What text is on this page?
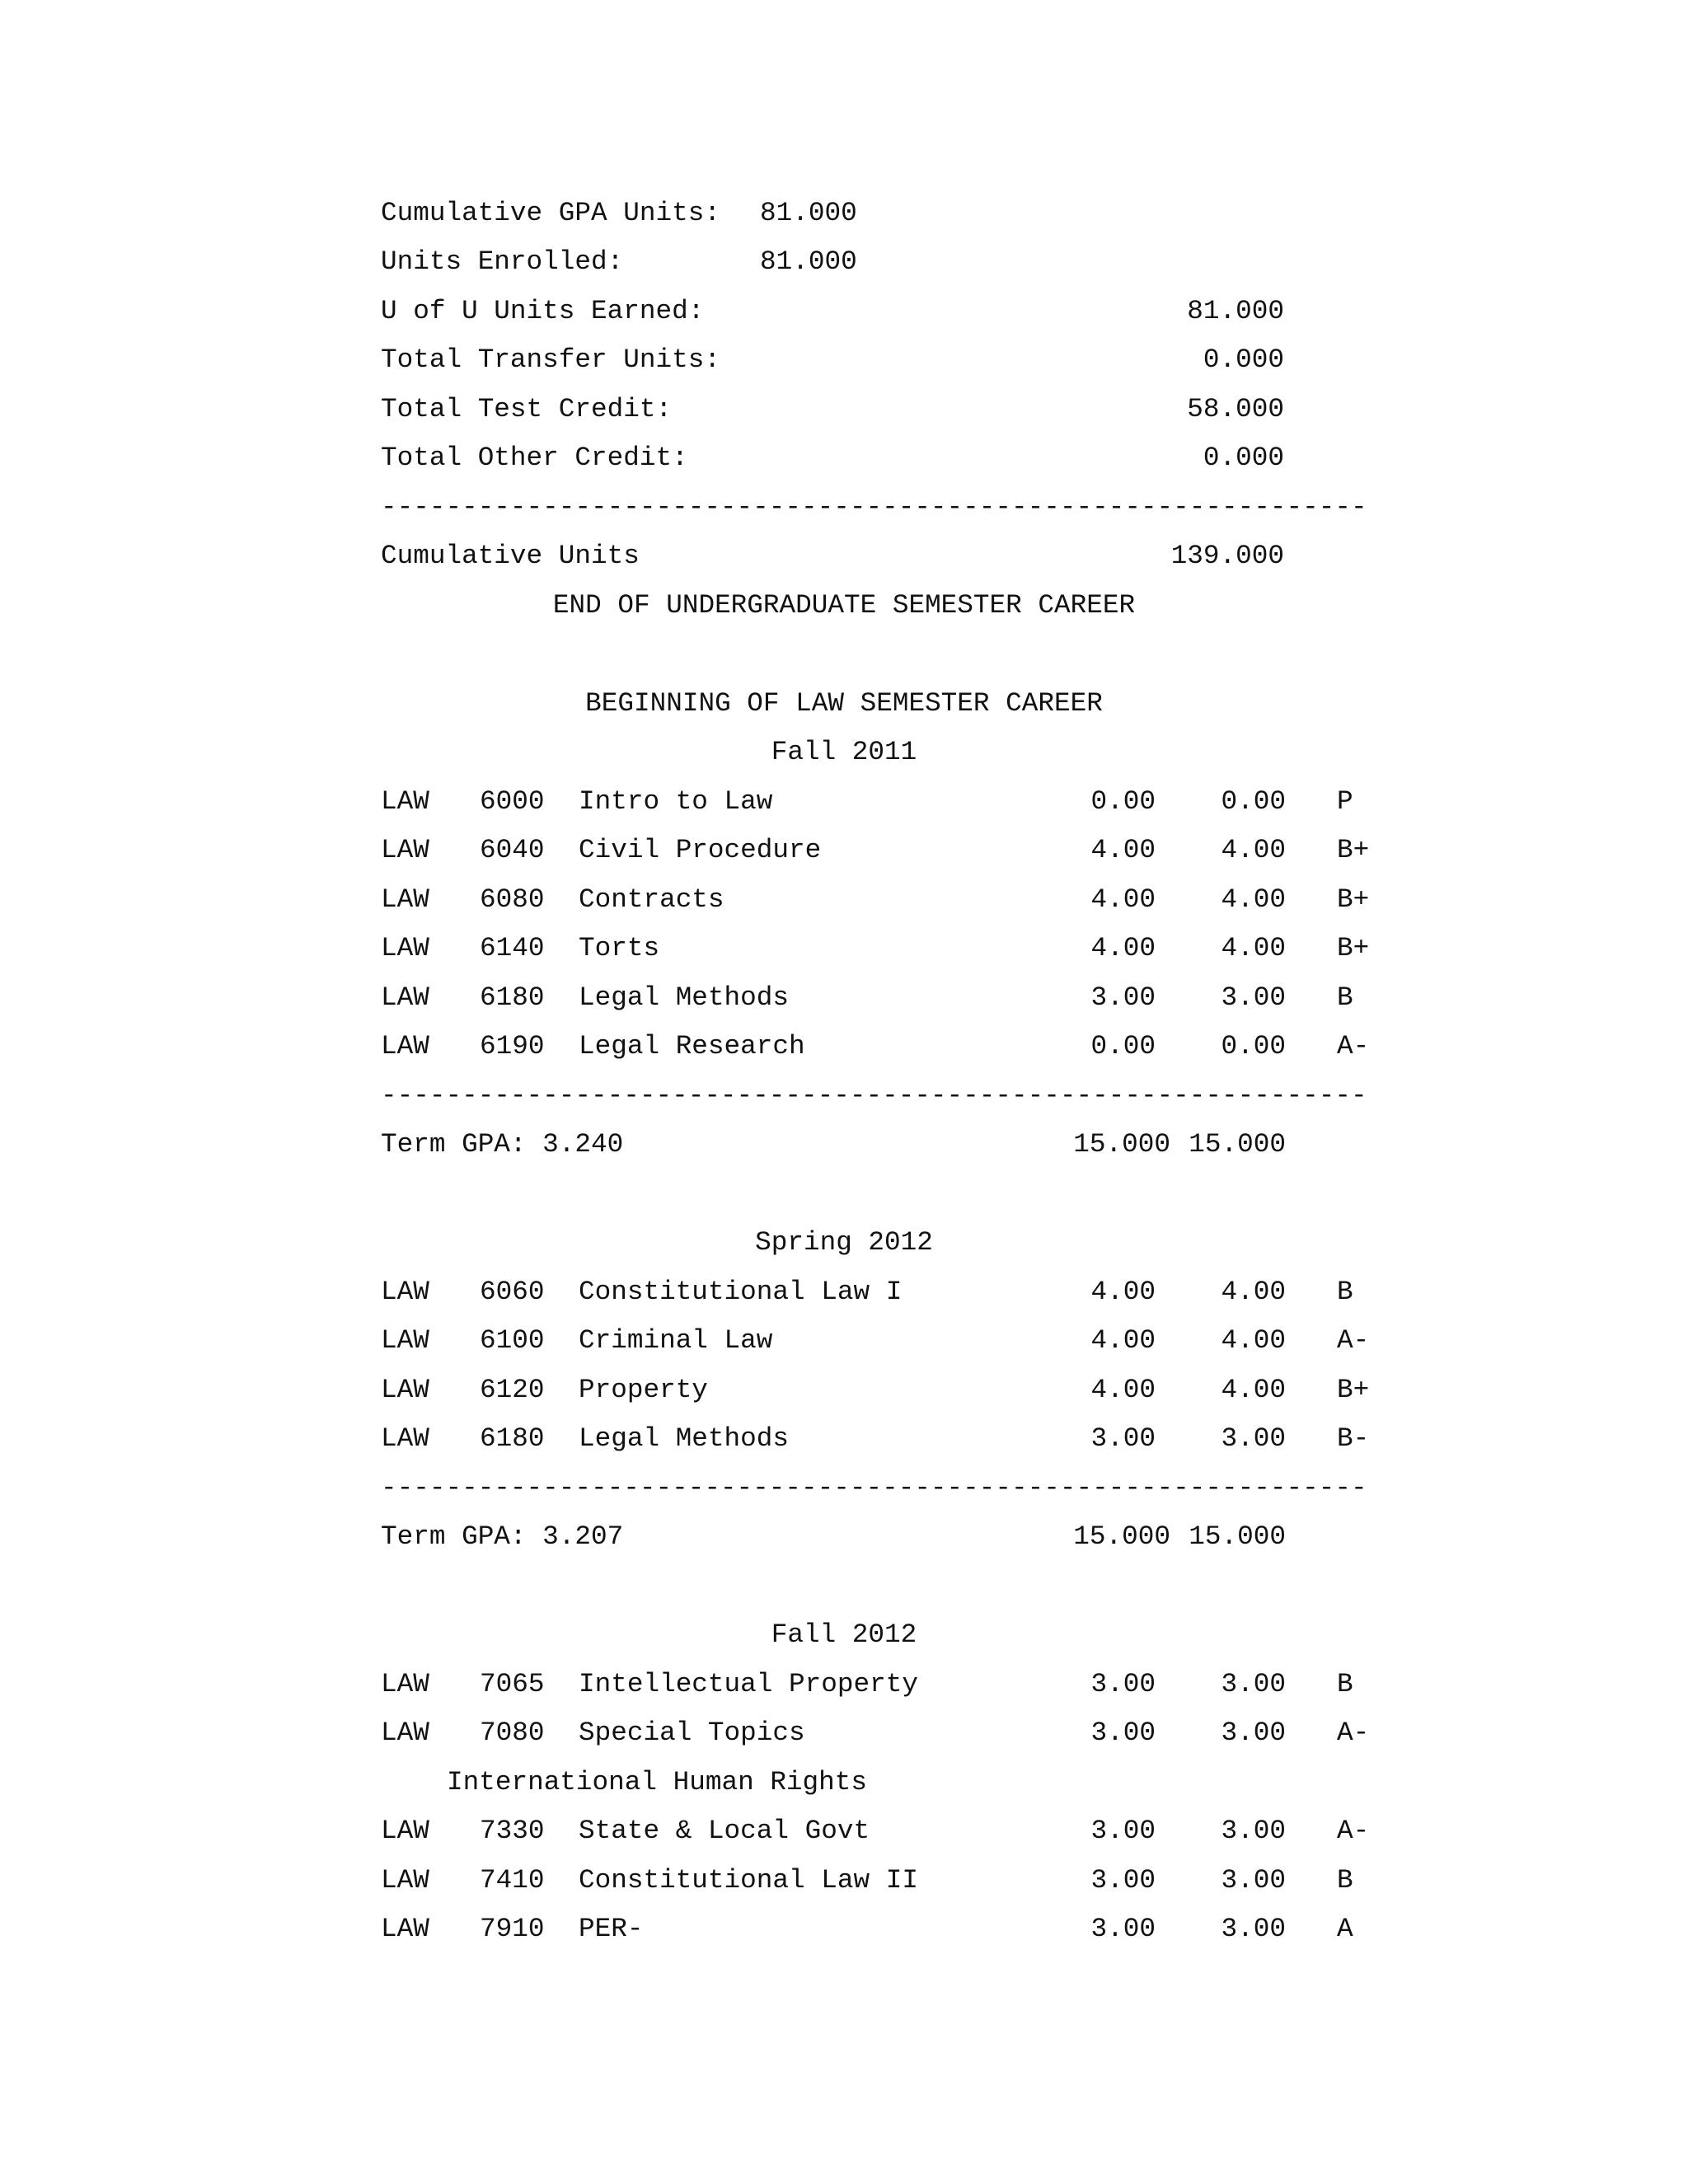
Cumulative GPA Units: 81.000
Units Enrolled:	81.000
U of U Units Earned:	81.000
Total Transfer Units:	0.000
Total Test Credit:	58.000
Total Other Credit:	0.000
-------------------------------------------------------------
Cumulative Units	139.000
END OF UNDERGRADUATE SEMESTER CAREER
BEGINNING OF LAW SEMESTER CAREER
Fall 2011
LAW 6000 Intro to Law	0.00	0.00 P
LAW 6040 Civil Procedure	4.00	4.00 B+
LAW 6080 Contracts	4.00	4.00 B+
LAW 6140 Torts	4.00	4.00 B+
LAW 6180 Legal Methods	3.00	3.00 B
LAW 6190 Legal Research	0.00	0.00 A-
-------------------------------------------------------------
Term GPA: 3.240	15.000 15.000
Spring 2012
LAW 6060 Constitutional Law I	4.00	4.00 B
LAW 6100 Criminal Law	4.00	4.00 A-
LAW 6120 Property	4.00	4.00 B+
LAW 6180 Legal Methods	3.00	3.00 B-
-------------------------------------------------------------
Term GPA: 3.207	15.000 15.000
Fall 2012
LAW 7065 Intellectual Property	3.00	3.00 B
LAW 7080 Special Topics	3.00	3.00 A-
International Human Rights
LAW 7330 State & Local Govt	3.00	3.00 A-
LAW 7410 Constitutional Law II	3.00	3.00 B
LAW 7910 PER-	3.00	3.00 A
